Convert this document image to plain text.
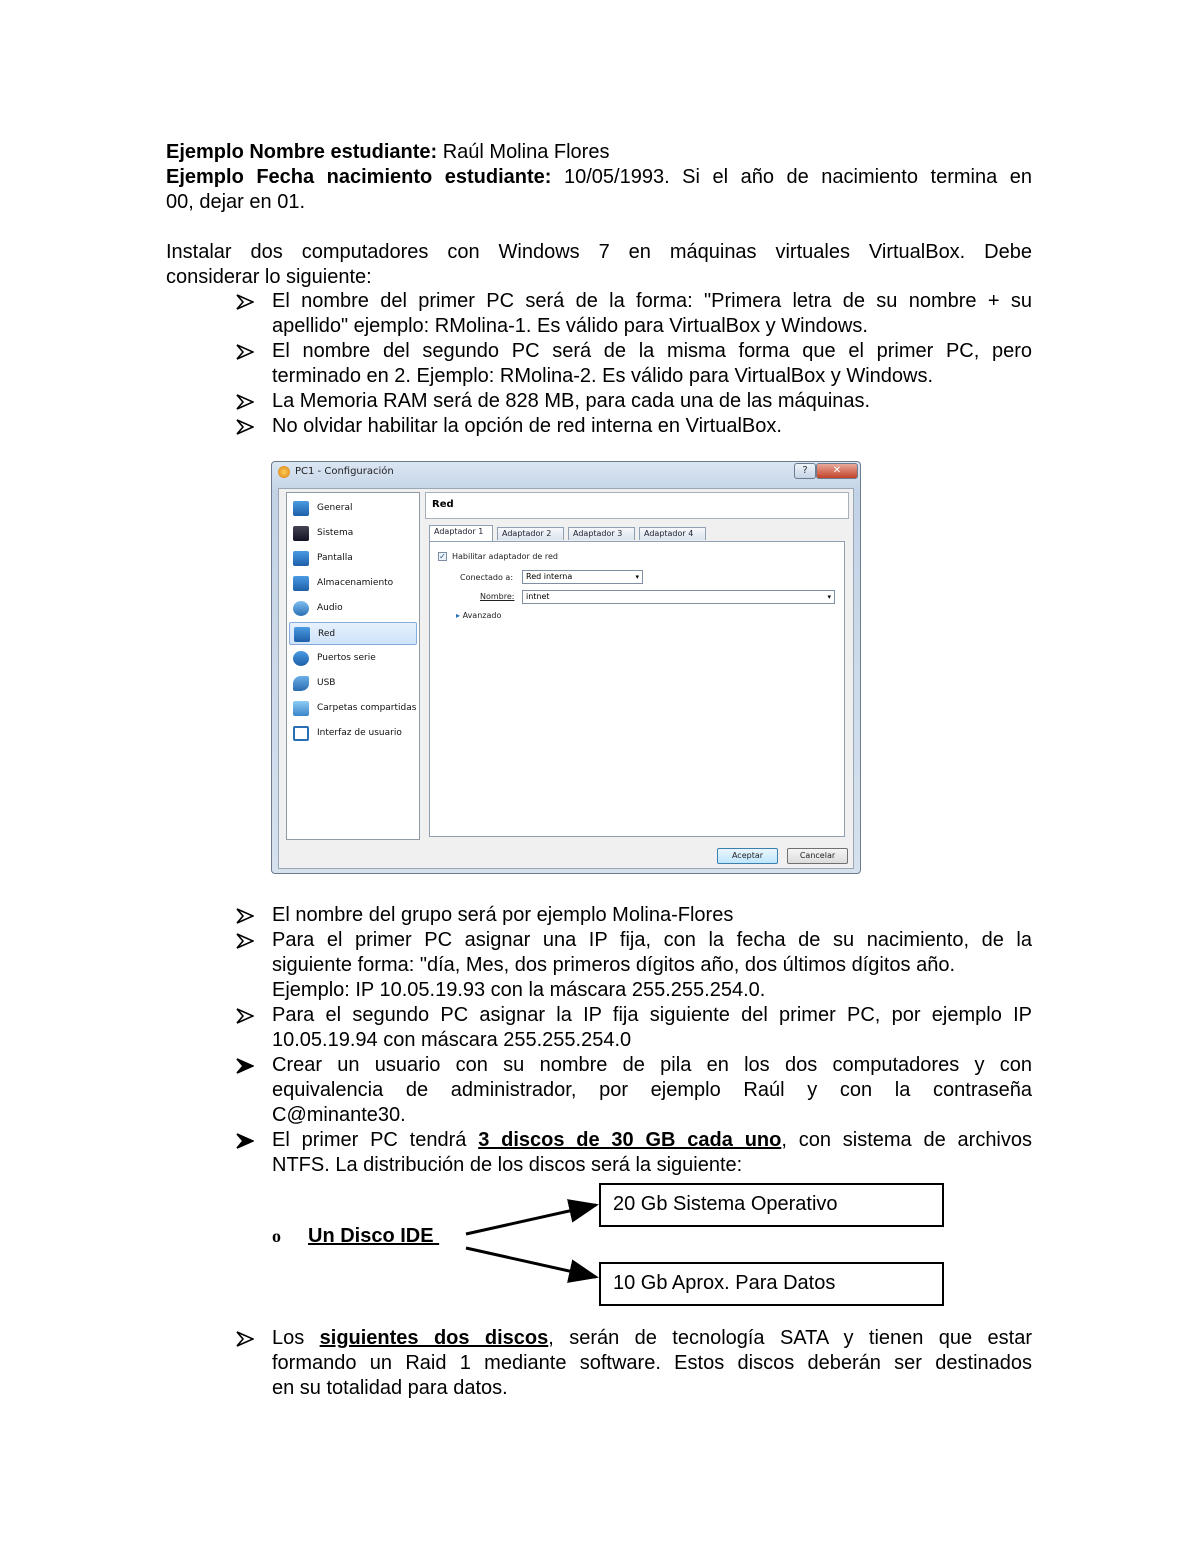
Ejemplo Nombre estudiante: Raúl Molina Flores
Ejemplo Fecha nacimiento estudiante: 10/05/1993. Si el año de nacimiento termina en
00, dejar en 01.
Instalar dos computadores con Windows 7 en máquinas virtuales VirtualBox. Debe
considerar lo siguiente:
El nombre del primer PC será de la forma: "Primera letra de su nombre + su
apellido" ejemplo: RMolina-1. Es válido para VirtualBox y Windows.
El nombre del segundo PC será de la misma forma que el primer PC, pero
terminado en 2. Ejemplo: RMolina-2. Es válido para VirtualBox y Windows.
La Memoria RAM será de 828 MB, para cada una de las máquinas.
No olvidar habilitar la opción de red interna en VirtualBox.
PC1 - Configuración	?	✕
General
Sistema
Pantalla
Almacenamiento
Audio
Red
Puertos serie
USB
Carpetas compartidas
Interfaz de usuario
Red
Adaptador 1	Adaptador 2	Adaptador 3	Adaptador 4
✓ Habilitar adaptador de red
Conectado a:	Red interna	▾
Nombre:	intnet	▾
▸ Avanzado
Aceptar	Cancelar
El nombre del grupo será por ejemplo Molina-Flores
Para el primer PC asignar una IP fija, con la fecha de su nacimiento, de la
siguiente forma: "día, Mes, dos primeros dígitos año, dos últimos dígitos año.
Ejemplo: IP 10.05.19.93 con la máscara 255.255.254.0.
Para el segundo PC asignar la IP fija siguiente del primer PC, por ejemplo IP
10.05.19.94 con máscara 255.255.254.0
Crear un usuario con su nombre de pila en los dos computadores y con
equivalencia de administrador, por ejemplo Raúl y con la contraseña
C@minante30.
El primer PC tendrá 3 discos de 30 GB cada uno, con sistema de archivos
NTFS. La distribución de los discos será la siguiente:
o Un Disco IDE
20 Gb Sistema Operativo
10 Gb Aprox. Para Datos
Los siguientes dos discos, serán de tecnología SATA y tienen que estar
formando un Raid 1 mediante software. Estos discos deberán ser destinados
en su totalidad para datos.
